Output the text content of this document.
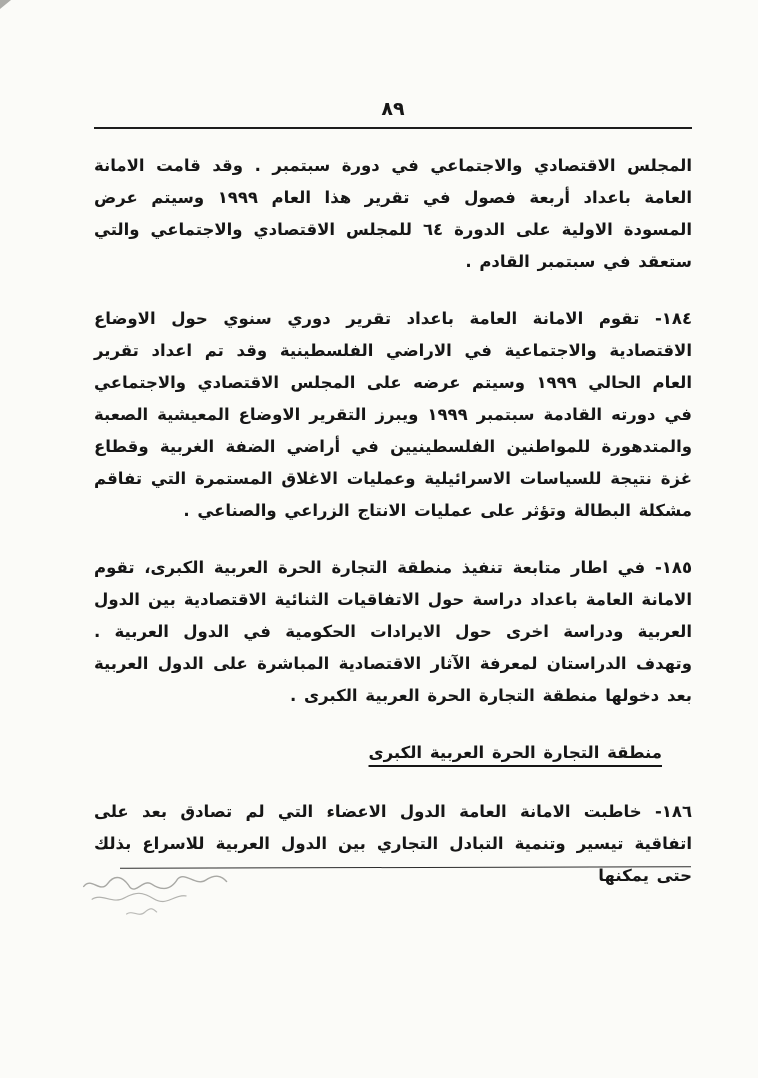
٨٩

المجلس الاقتصادي والاجتماعي في دورة سبتمبر . وقد قامت الامانة العامة باعداد أربعة فصول في تقرير هذا العام ١٩٩٩ وسيتم عرض المسودة الاولية على الدورة ٦٤ للمجلس الاقتصادي والاجتماعي والتي ستعقد في سبتمبر القادم .

١٨٤- تقوم الامانة العامة باعداد تقرير دوري سنوي حول الاوضاع الاقتصادية والاجتماعية في الاراضي الفلسطينية وقد تم اعداد تقرير العام الحالي ١٩٩٩ وسيتم عرضه على المجلس الاقتصادي والاجتماعي في دورته القادمة سبتمبر ١٩٩٩ ويبرز التقرير الاوضاع المعيشية الصعبة والمتدهورة للمواطنين الفلسطينيين في أراضي الضفة الغربية وقطاع غزة نتيجة للسياسات الاسرائيلية وعمليات الاغلاق المستمرة التي تفاقم مشكلة البطالة وتؤثر على عمليات الانتاج الزراعي والصناعي .

١٨٥- في اطار متابعة تنفيذ منطقة التجارة الحرة العربية الكبرى، تقوم الامانة العامة باعداد دراسة حول الاتفاقيات الثنائية الاقتصادية بين الدول العربية ودراسة اخرى حول الايرادات الحكومية في الدول العربية . وتهدف الدراستان لمعرفة الآثار الاقتصادية المباشرة على الدول العربية بعد دخولها منطقة التجارة الحرة العربية الكبرى .

منطقة التجارة الحرة العربية الكبرى

١٨٦- خاطبت الامانة العامة الدول الاعضاء التي لم تصادق بعد على اتفاقية تيسير وتنمية التبادل التجاري بين الدول العربية للاسراع بذلك حتى يمكنها
